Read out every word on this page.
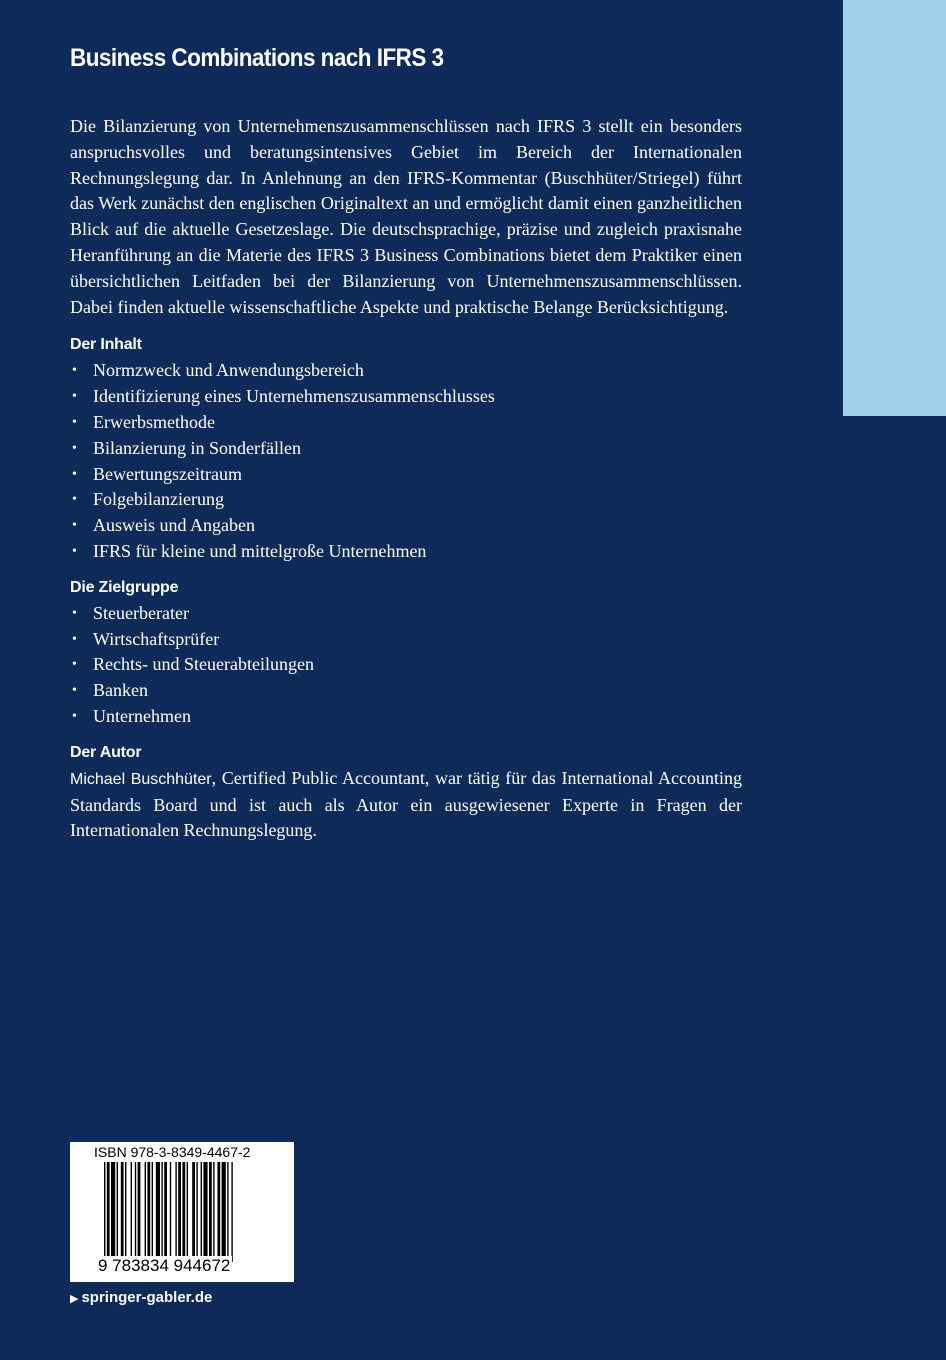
Business Combinations nach IFRS 3

Die Bilanzierung von Unternehmenszusammenschlüssen nach IFRS 3 stellt ein besonders anspruchsvolles und beratungsintensives Gebiet im Bereich der Internationalen Rechnungslegung dar. In Anlehnung an den IFRS-Kommentar (Buschhüter/Striegel) führt das Werk zunächst den englischen Originaltext an und ermöglicht damit einen ganzheitlichen Blick auf die aktuelle Gesetzeslage. Die deutschsprachige, präzise und zugleich praxisnahe Heranführung an die Materie des IFRS 3 Business Combinations bietet dem Praktiker einen übersichtlichen Leitfaden bei der Bilanzierung von Unternehmenszusammenschlüssen. Dabei finden aktuelle wissenschaftliche Aspekte und praktische Belange Berücksichtigung.

Der Inhalt
• Normzweck und Anwendungsbereich
• Identifizierung eines Unternehmenszusammenschlusses
• Erwerbsmethode
• Bilanzierung in Sonderfällen
• Bewertungszeitraum
• Folgebilanzierung
• Ausweis und Angaben
• IFRS für kleine und mittelgroße Unternehmen
Die Zielgruppe
• Steuerberater
• Wirtschaftsprüfer
• Rechts- und Steuerabteilungen
• Banken
• Unternehmen
Der Autor

Michael Buschhüter, Certified Public Accountant, war tätig für das International Accounting Standards Board und ist auch als Autor ein ausgewiesener Experte in Fragen der Internationalen Rechnungslegung.

ISBN 978-3-8349-4467-2
9 783834 944672
▶ springer-gabler.de
